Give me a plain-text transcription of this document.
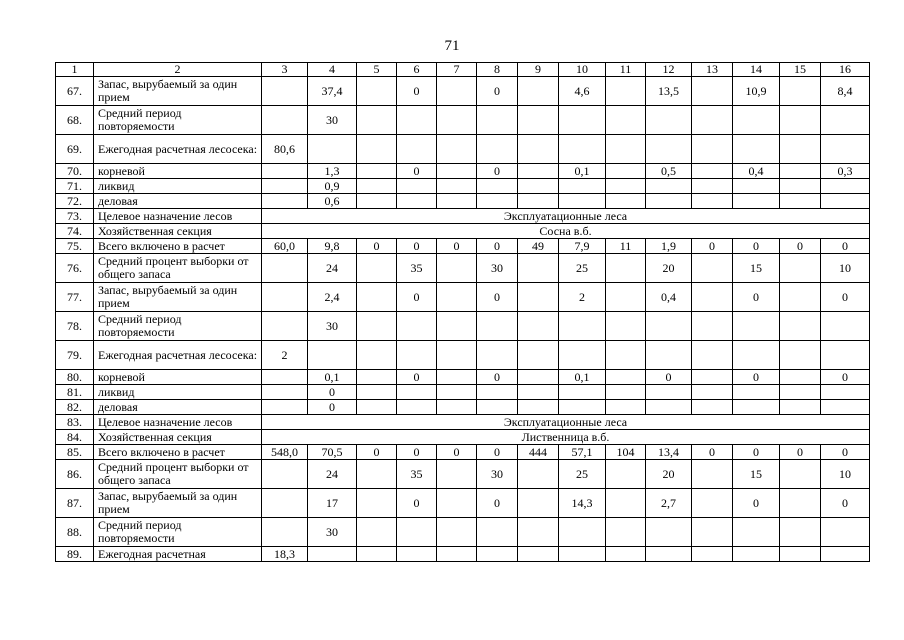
71
1	2	3	4	5	6	7	8	9	10	11	12	13	14	15	16
67.	Запас, вырубаемый за один прием		37,4		0		0		4,6		13,5		10,9		8,4
68.	Средний период повторяемости		30												
69.	Ежегодная расчетная лесосека:	80,6													
70.	корневой		1,3		0		0		0,1		0,5		0,4		0,3
71.	ликвид		0,9												
72.	деловая		0,6												
73.	Целевое назначение лесов	Эксплуатационные леса													
74.	Хозяйственная секция	Сосна в.б.													
75.	Всего включено в расчет	60,0	9,8	0	0	0	0	49	7,9	11	1,9	0	0	0	0
76.	Средний процент выборки от общего запаса		24		35		30		25		20		15		10
77.	Запас, вырубаемый за один прием		2,4		0		0		2		0,4		0		0
78.	Средний период повторяемости		30												
79.	Ежегодная расчетная лесосека:	2													
80.	корневой		0,1		0		0		0,1		0		0		0
81.	ликвид		0												
82.	деловая		0												
83.	Целевое назначение лесов	Эксплуатационные леса													
84.	Хозяйственная секция	Лиственница в.б.													
85.	Всего включено в расчет	548,0	70,5	0	0	0	0	444	57,1	104	13,4	0	0	0	0
86.	Средний процент выборки от общего запаса		24		35		30		25		20		15		10
87.	Запас, вырубаемый за один прием		17		0		0		14,3		2,7		0		0
88.	Средний период повторяемости		30												
89.	Ежегодная расчетная	18,3													
